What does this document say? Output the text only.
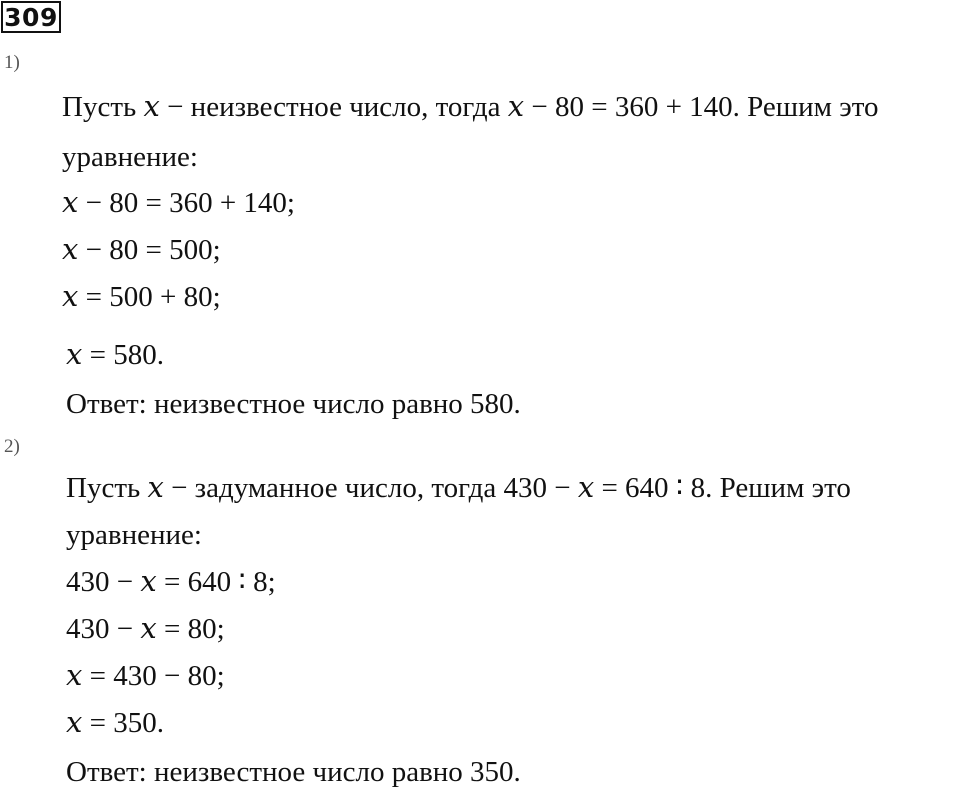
309
1)
Пусть 𝑥 − неизвестное число, тогда 𝑥 − 80 = 360 + 140. Решим это
уравнение:
𝑥 − 80 = 360 + 140;
𝑥 − 80 = 500;
𝑥 = 500 + 80;
𝑥 = 580.
Ответ: неизвестное число равно 580.
2)
Пусть 𝑥 − задуманное число, тогда 430 − 𝑥 = 640 ∶ 8. Решим это
уравнение:
430 − 𝑥 = 640 ∶ 8;
430 − 𝑥 = 80;
𝑥 = 430 − 80;
𝑥 = 350.
Ответ: неизвестное число равно 350.
